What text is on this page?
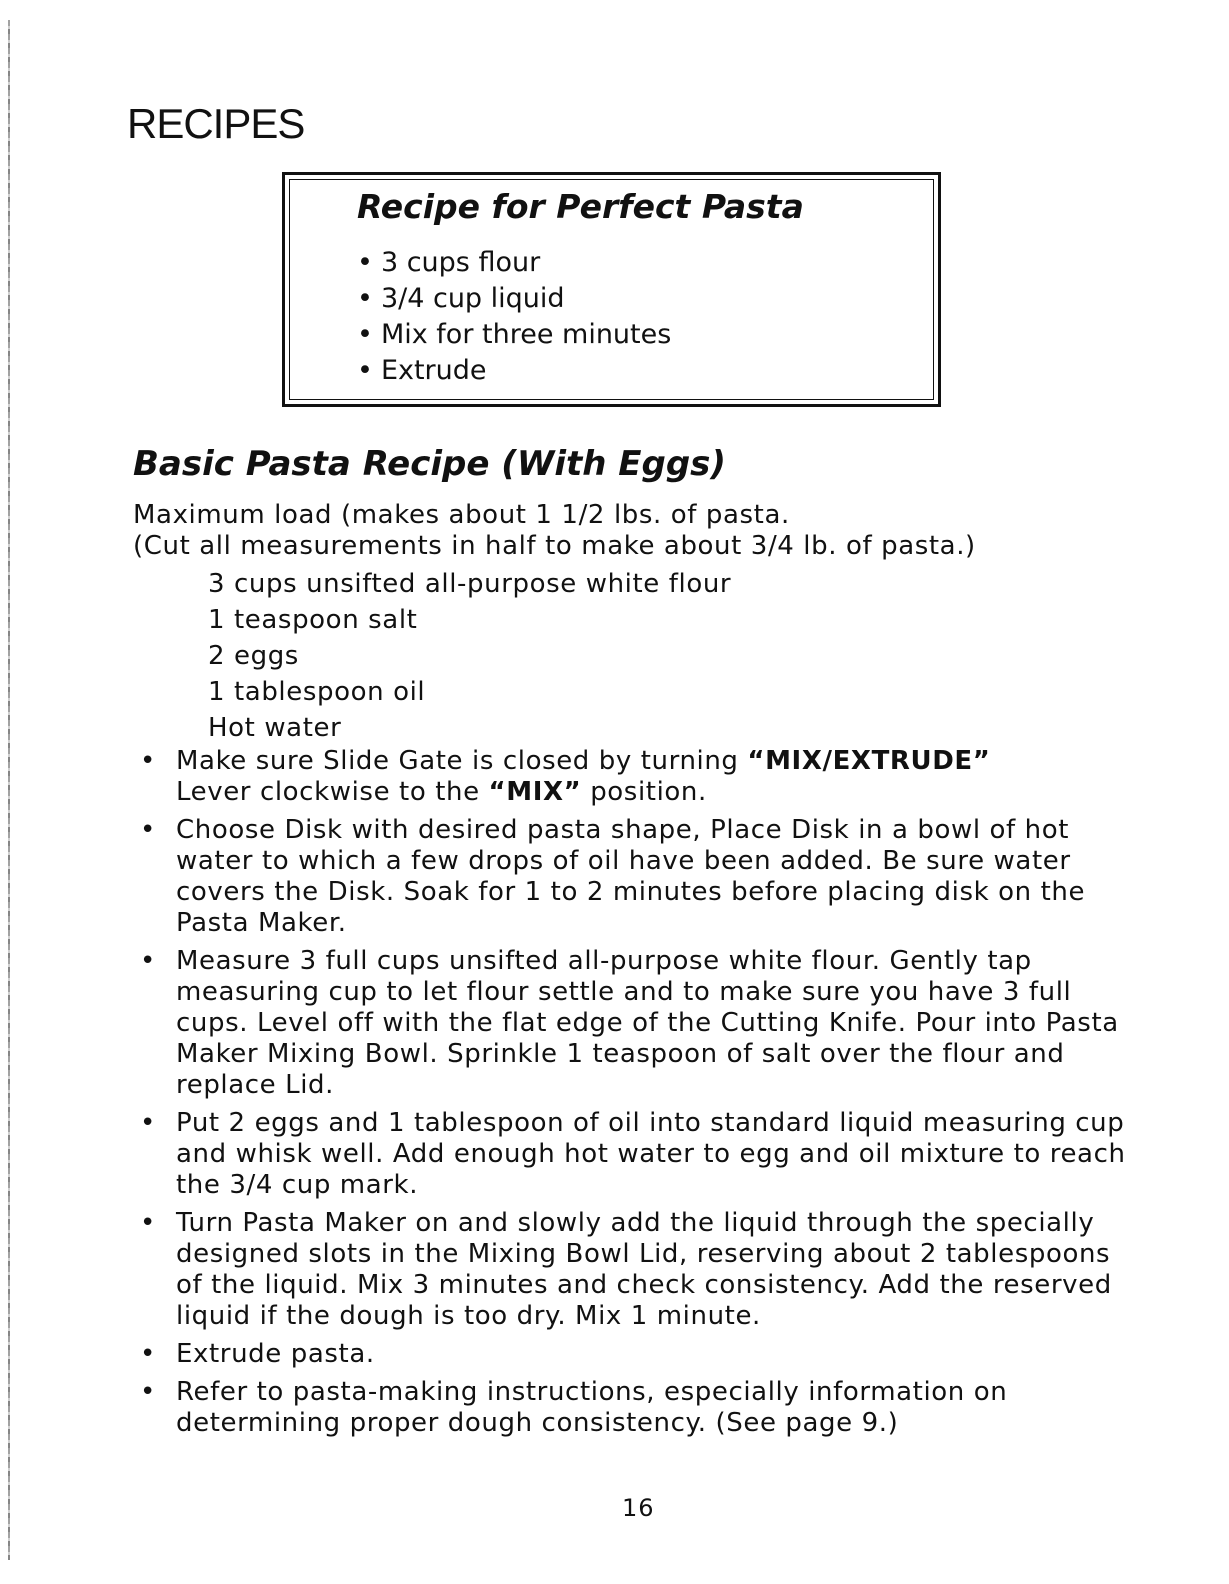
RECIPES
Recipe for Perfect Pasta
• 3 cups flour
• 3/4 cup liquid
• Mix for three minutes
• Extrude
Basic Pasta Recipe (With Eggs)

Maximum load (makes about 1 1/2 lbs. of pasta.
(Cut all measurements in half to make about 3/4 lb. of pasta.)

3 cups unsifted all-purpose white flour
1 teaspoon salt
2 eggs
1 tablespoon oil
Hot water
• Make sure Slide Gate is closed by turning “MIX/EXTRUDE”
Lever clockwise to the “MIX” position.
• Choose Disk with desired pasta shape, Place Disk in a bowl of hot water to which a few drops of oil have been added. Be sure water covers the Disk. Soak for 1 to 2 minutes before placing disk on the Pasta Maker.
• Measure 3 full cups unsifted all-purpose white flour. Gently tap measuring cup to let flour settle and to make sure you have 3 full cups. Level off with the flat edge of the Cutting Knife. Pour into Pasta Maker Mixing Bowl. Sprinkle 1 teaspoon of salt over the flour and replace Lid.
• Put 2 eggs and 1 tablespoon of oil into standard liquid measuring cup and whisk well. Add enough hot water to egg and oil mixture to reach the 3/4 cup mark.
• Turn Pasta Maker on and slowly add the liquid through the specially designed slots in the Mixing Bowl Lid, reserving about 2 tablespoons of the liquid. Mix 3 minutes and check consistency. Add the reserved liquid if the dough is too dry. Mix 1 minute.
• Extrude pasta.
• Refer to pasta-making instructions, especially information on determining proper dough consistency. (See page 9.)

16
